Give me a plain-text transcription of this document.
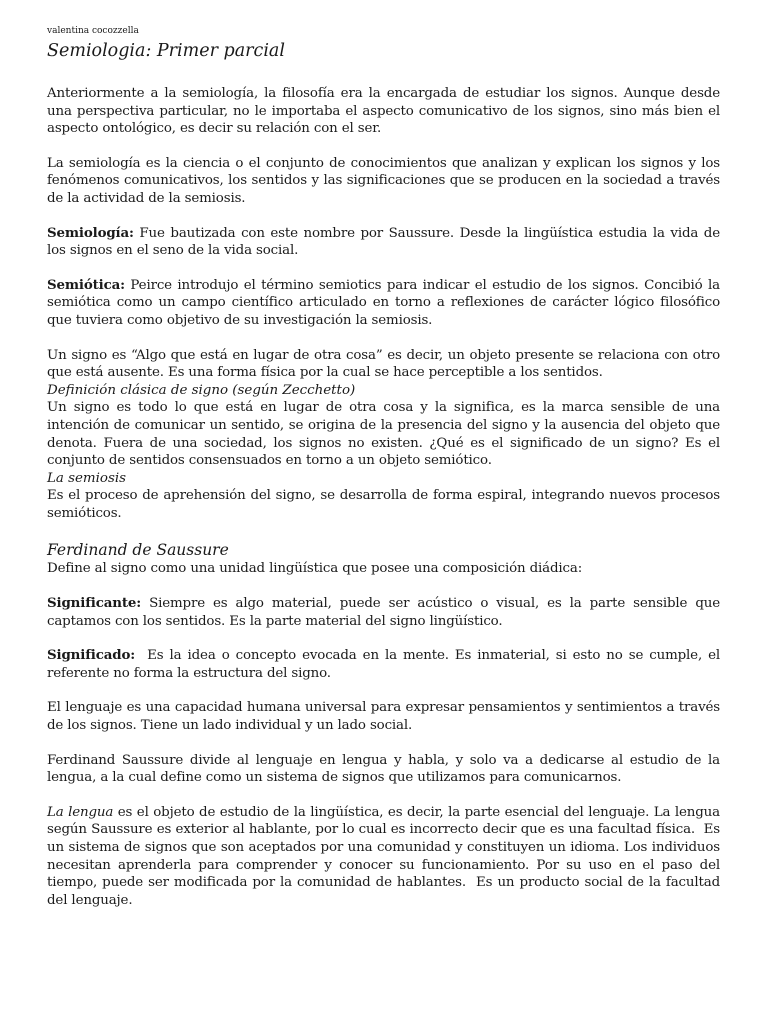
valentina cocozzella
Semiologia: Primer parcial

Anteriormente a la semiología, la filosofía era la encargada de estudiar los signos. Aunque desde una perspectiva particular, no le importaba el aspecto comunicativo de los signos, sino más bien el aspecto ontológico, es decir su relación con el ser.

La semiología es la ciencia o el conjunto de conocimientos que analizan y explican los signos y los fenómenos comunicativos, los sentidos y las significaciones que se producen en la sociedad a través de la actividad de la semiosis.

Semiología: Fue bautizada con este nombre por Saussure. Desde la lingüística estudia la vida de los signos en el seno de la vida social.

Semiótica: Peirce introdujo el término semiotics para indicar el estudio de los signos. Concibió la semiótica como un campo científico articulado en torno a reflexiones de carácter lógico filosófico que tuviera como objetivo de su investigación la semiosis.

Un signo es “Algo que está en lugar de otra cosa” es decir, un objeto presente se relaciona con otro que está ausente. Es una forma física por la cual se hace perceptible a los sentidos.

Definición clásica de signo (según Zecchetto)

Un signo es todo lo que está en lugar de otra cosa y la significa, es la marca sensible de una intención de comunicar un sentido, se origina de la presencia del signo y la ausencia del objeto que denota. Fuera de una sociedad, los signos no existen. ¿Qué es el significado de un signo? Es el conjunto de sentidos consensuados en torno a un objeto semiótico.

La semiosis

Es el proceso de aprehensión del signo, se desarrolla de forma espiral, integrando nuevos procesos semióticos.

Ferdinand de Saussure

Define al signo como una unidad lingüística que posee una composición diádica:

Significante: Siempre es algo material, puede ser acústico o visual, es la parte sensible que captamos con los sentidos. Es la parte material del signo lingüístico.

Significado:  Es la idea o concepto evocada en la mente. Es inmaterial, si esto no se cumple, el referente no forma la estructura del signo.

El lenguaje es una capacidad humana universal para expresar pensamientos y sentimientos a través de los signos. Tiene un lado individual y un lado social.

Ferdinand Saussure divide al lenguaje en lengua y habla, y solo va a dedicarse al estudio de la lengua, a la cual define como un sistema de signos que utilizamos para comunicarnos.

La lengua es el objeto de estudio de la lingüística, es decir, la parte esencial del lenguaje. La lengua según Saussure es exterior al hablante, por lo cual es incorrecto decir que es una facultad física.  Es un sistema de signos que son aceptados por una comunidad y constituyen un idioma. Los individuos necesitan aprenderla para comprender y conocer su funcionamiento. Por su uso en el paso del tiempo, puede ser modificada por la comunidad de hablantes.  Es un producto social de la facultad del lenguaje.
